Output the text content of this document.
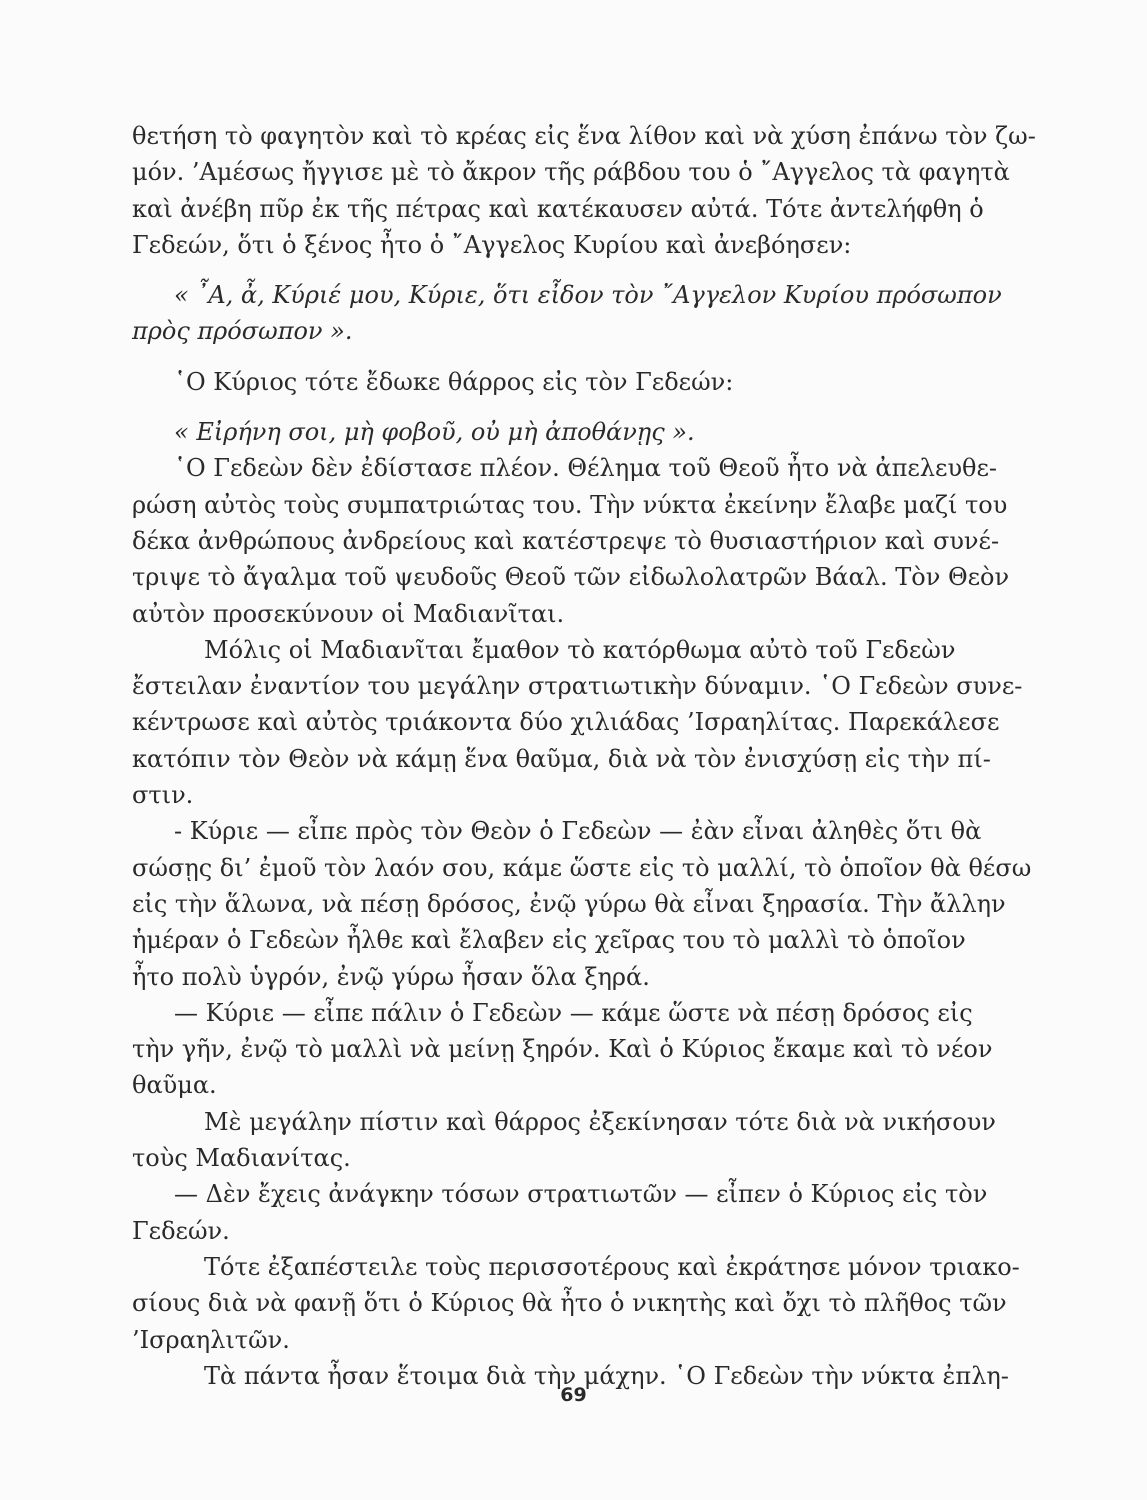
θετήση τὸ φαγητὸν καὶ τὸ κρέας εἰς ἕνα λίθον καὶ νὰ χύση ἐπάνω τὸν ζω-
μόν. ’Αμέσως ἤγγισε μὲ τὸ ἄκρον τῆς ράβδου του ὁ ῎Αγγελος τὰ φαγητὰ
καὶ ἀνέβη πῦρ ἐκ τῆς πέτρας καὶ κατέκαυσεν αὐτά. Τότε ἀντελήφθη ὁ
Γεδεών, ὅτι ὁ ξένος ἦτο ὁ ῎Αγγελος Κυρίου καὶ ἀνεβόησεν:
« ῏Α, ἆ, Κύριέ μου, Κύριε, ὅτι εἶδον τὸν ῎Αγγελον Κυρίου πρόσωπον
πρὸς πρόσωπον ».
῾Ο Κύριος τότε ἔδωκε θάρρος εἰς τὸν Γεδεών:
« Εἰρήνη σοι, μὴ φοβοῦ, οὐ μὴ ἀποθάνῃς ».
῾Ο Γεδεὼν δὲν ἐδίστασε πλέον. Θέλημα τοῦ Θεοῦ ἦτο νὰ ἀπελευθε-
ρώση αὐτὸς τοὺς συμπατριώτας του. Τὴν νύκτα ἐκείνην ἔλαβε μαζί του
δέκα ἀνθρώπους ἀνδρείους καὶ κατέστρεψε τὸ θυσιαστήριον καὶ συνέ-
τριψε τὸ ἄγαλμα τοῦ ψευδοῦς Θεοῦ τῶν εἰδωλολατρῶν Βάαλ. Τὸν Θεὸν
αὐτὸν προσεκύνουν οἱ Μαδιανῖται.
Μόλις οἱ Μαδιανῖται ἔμαθον τὸ κατόρθωμα αὐτὸ τοῦ Γεδεὼν
ἔστειλαν ἐναντίον του μεγάλην στρατιωτικὴν δύναμιν. ῾Ο Γεδεὼν συνε-
κέντρωσε καὶ αὐτὸς τριάκοντα δύο χιλιάδας ’Ισραηλίτας. Παρεκάλεσε
κατόπιν τὸν Θεὸν νὰ κάμῃ ἕνα θαῦμα, διὰ νὰ τὸν ἐνισχύσῃ εἰς τὴν πί-
στιν.
- Κύριε — εἶπε πρὸς τὸν Θεὸν ὁ Γεδεὼν — ἐὰν εἶναι ἀληθὲς ὅτι θὰ
σώσῃς δι’ ἐμοῦ τὸν λαόν σου, κάμε ὥστε εἰς τὸ μαλλί, τὸ ὁποῖον θὰ θέσω
εἰς τὴν ἅλωνα, νὰ πέσῃ δρόσος, ἐνῷ γύρω θὰ εἶναι ξηρασία. Τὴν ἄλλην
ἡμέραν ὁ Γεδεὼν ἦλθε καὶ ἔλαβεν εἰς χεῖρας του τὸ μαλλὶ τὸ ὁποῖον
ἦτο πολὺ ὑγρόν, ἐνῷ γύρω ἦσαν ὅλα ξηρά.
— Κύριε — εἶπε πάλιν ὁ Γεδεὼν — κάμε ὥστε νὰ πέσῃ δρόσος εἰς
τὴν γῆν, ἐνῷ τὸ μαλλὶ νὰ μείνῃ ξηρόν. Καὶ ὁ Κύριος ἔκαμε καὶ τὸ νέον
θαῦμα.
Μὲ μεγάλην πίστιν καὶ θάρρος ἐξεκίνησαν τότε διὰ νὰ νικήσουν
τοὺς Μαδιανίτας.
— Δὲν ἔχεις ἀνάγκην τόσων στρατιωτῶν — εἶπεν ὁ Κύριος εἰς τὸν
Γεδεών.
Τότε ἐξαπέστειλε τοὺς περισσοτέρους καὶ ἐκράτησε μόνον τριακο-
σίους διὰ νὰ φανῇ ὅτι ὁ Κύριος θὰ ἦτο ὁ νικητὴς καὶ ὄχι τὸ πλῆθος τῶν
’Ισραηλιτῶν.
Τὰ πάντα ἦσαν ἕτοιμα διὰ τὴν μάχην. ῾Ο Γεδεὼν τὴν νύκτα ἐπλη-
69
